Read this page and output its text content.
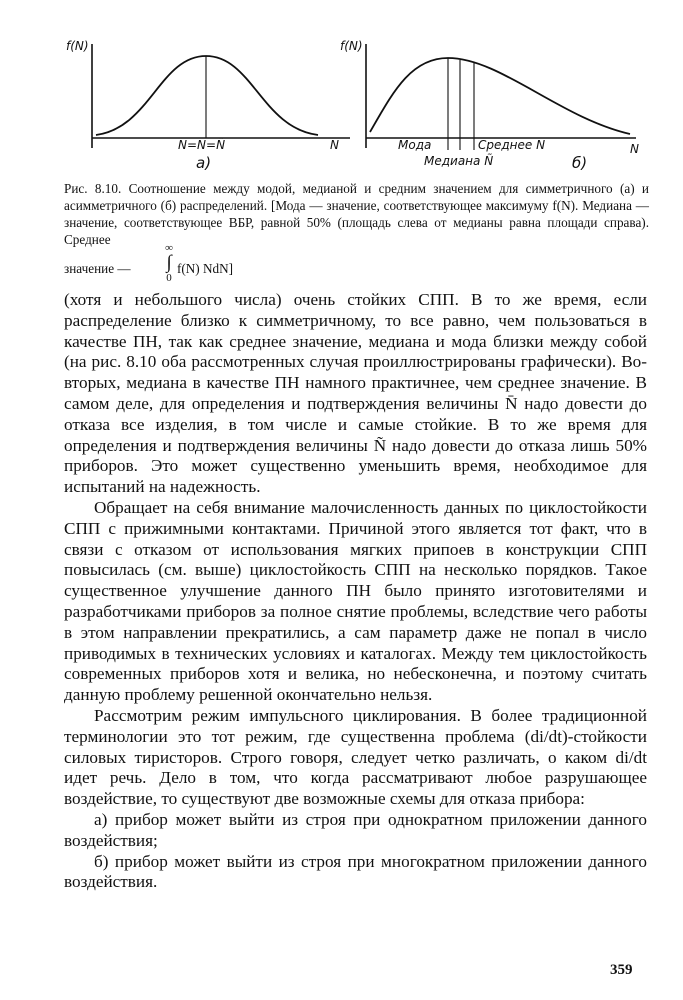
f(N)
N=N̄=Ñ	N
а)
f(N)
Мода	Среднее N̄
Медиана Ñ
N
б)
Рис. 8.10. Соотношение между модой, медианой и средним значением для симметричного (а) и асимметричного (б) распределений. [Мода — значение, соответствующее максимуму f(N). Медиана — значение, соответствующее ВБР, равной 50% (площадь слева от медианы равна площади справа). Среднее
значение —
∞
∫
0
f(N) NdN]

(хотя и небольшого числа) очень стойких СПП. В то же время, если распределение близко к симметричному, то все равно, чем пользоваться в качестве ПН, так как среднее значение, медиана и мода близки между собой (на рис. 8.10 оба рассмотренных случая проиллюстрированы графически). Во-вторых, медиана в качестве ПН намного практичнее, чем среднее значение. В самом деле, для определения и подтверждения величины N̄ надо довести до отказа все изделия, в том числе и самые стойкие. В то же время для определения и подтверждения величины Ñ надо довести до отказа лишь 50% приборов. Это может существенно уменьшить время, необходимое для испытаний на надежность.

Обращает на себя внимание малочисленность данных по циклостойкости СПП с прижимными контактами. Причиной этого является тот факт, что в связи с отказом от использования мягких припоев в конструкции СПП повысилась (см. выше) циклостойкость СПП на несколько порядков. Такое существенное улучшение данного ПН было принято изготовителями и разработчиками приборов за полное снятие проблемы, вследствие чего работы в этом направлении прекратились, а сам параметр даже не попал в число приводимых в технических условиях и каталогах. Между тем циклостойкость современных приборов хотя и велика, но небесконечна, и поэтому считать данную проблему решенной окончательно нельзя.

Рассмотрим режим импульсного циклирования. В более традиционной терминологии это тот режим, где существенна проблема (di/dt)-стойкости силовых тиристоров. Строго говоря, следует четко различать, о каком di/dt идет речь. Дело в том, что когда рассматривают любое разрушающее воздействие, то существуют две возможные схемы для отказа прибора:

а) прибор может выйти из строя при однократном приложении данного воздействия;

б) прибор может выйти из строя при многократном приложении данного воздействия.

359
